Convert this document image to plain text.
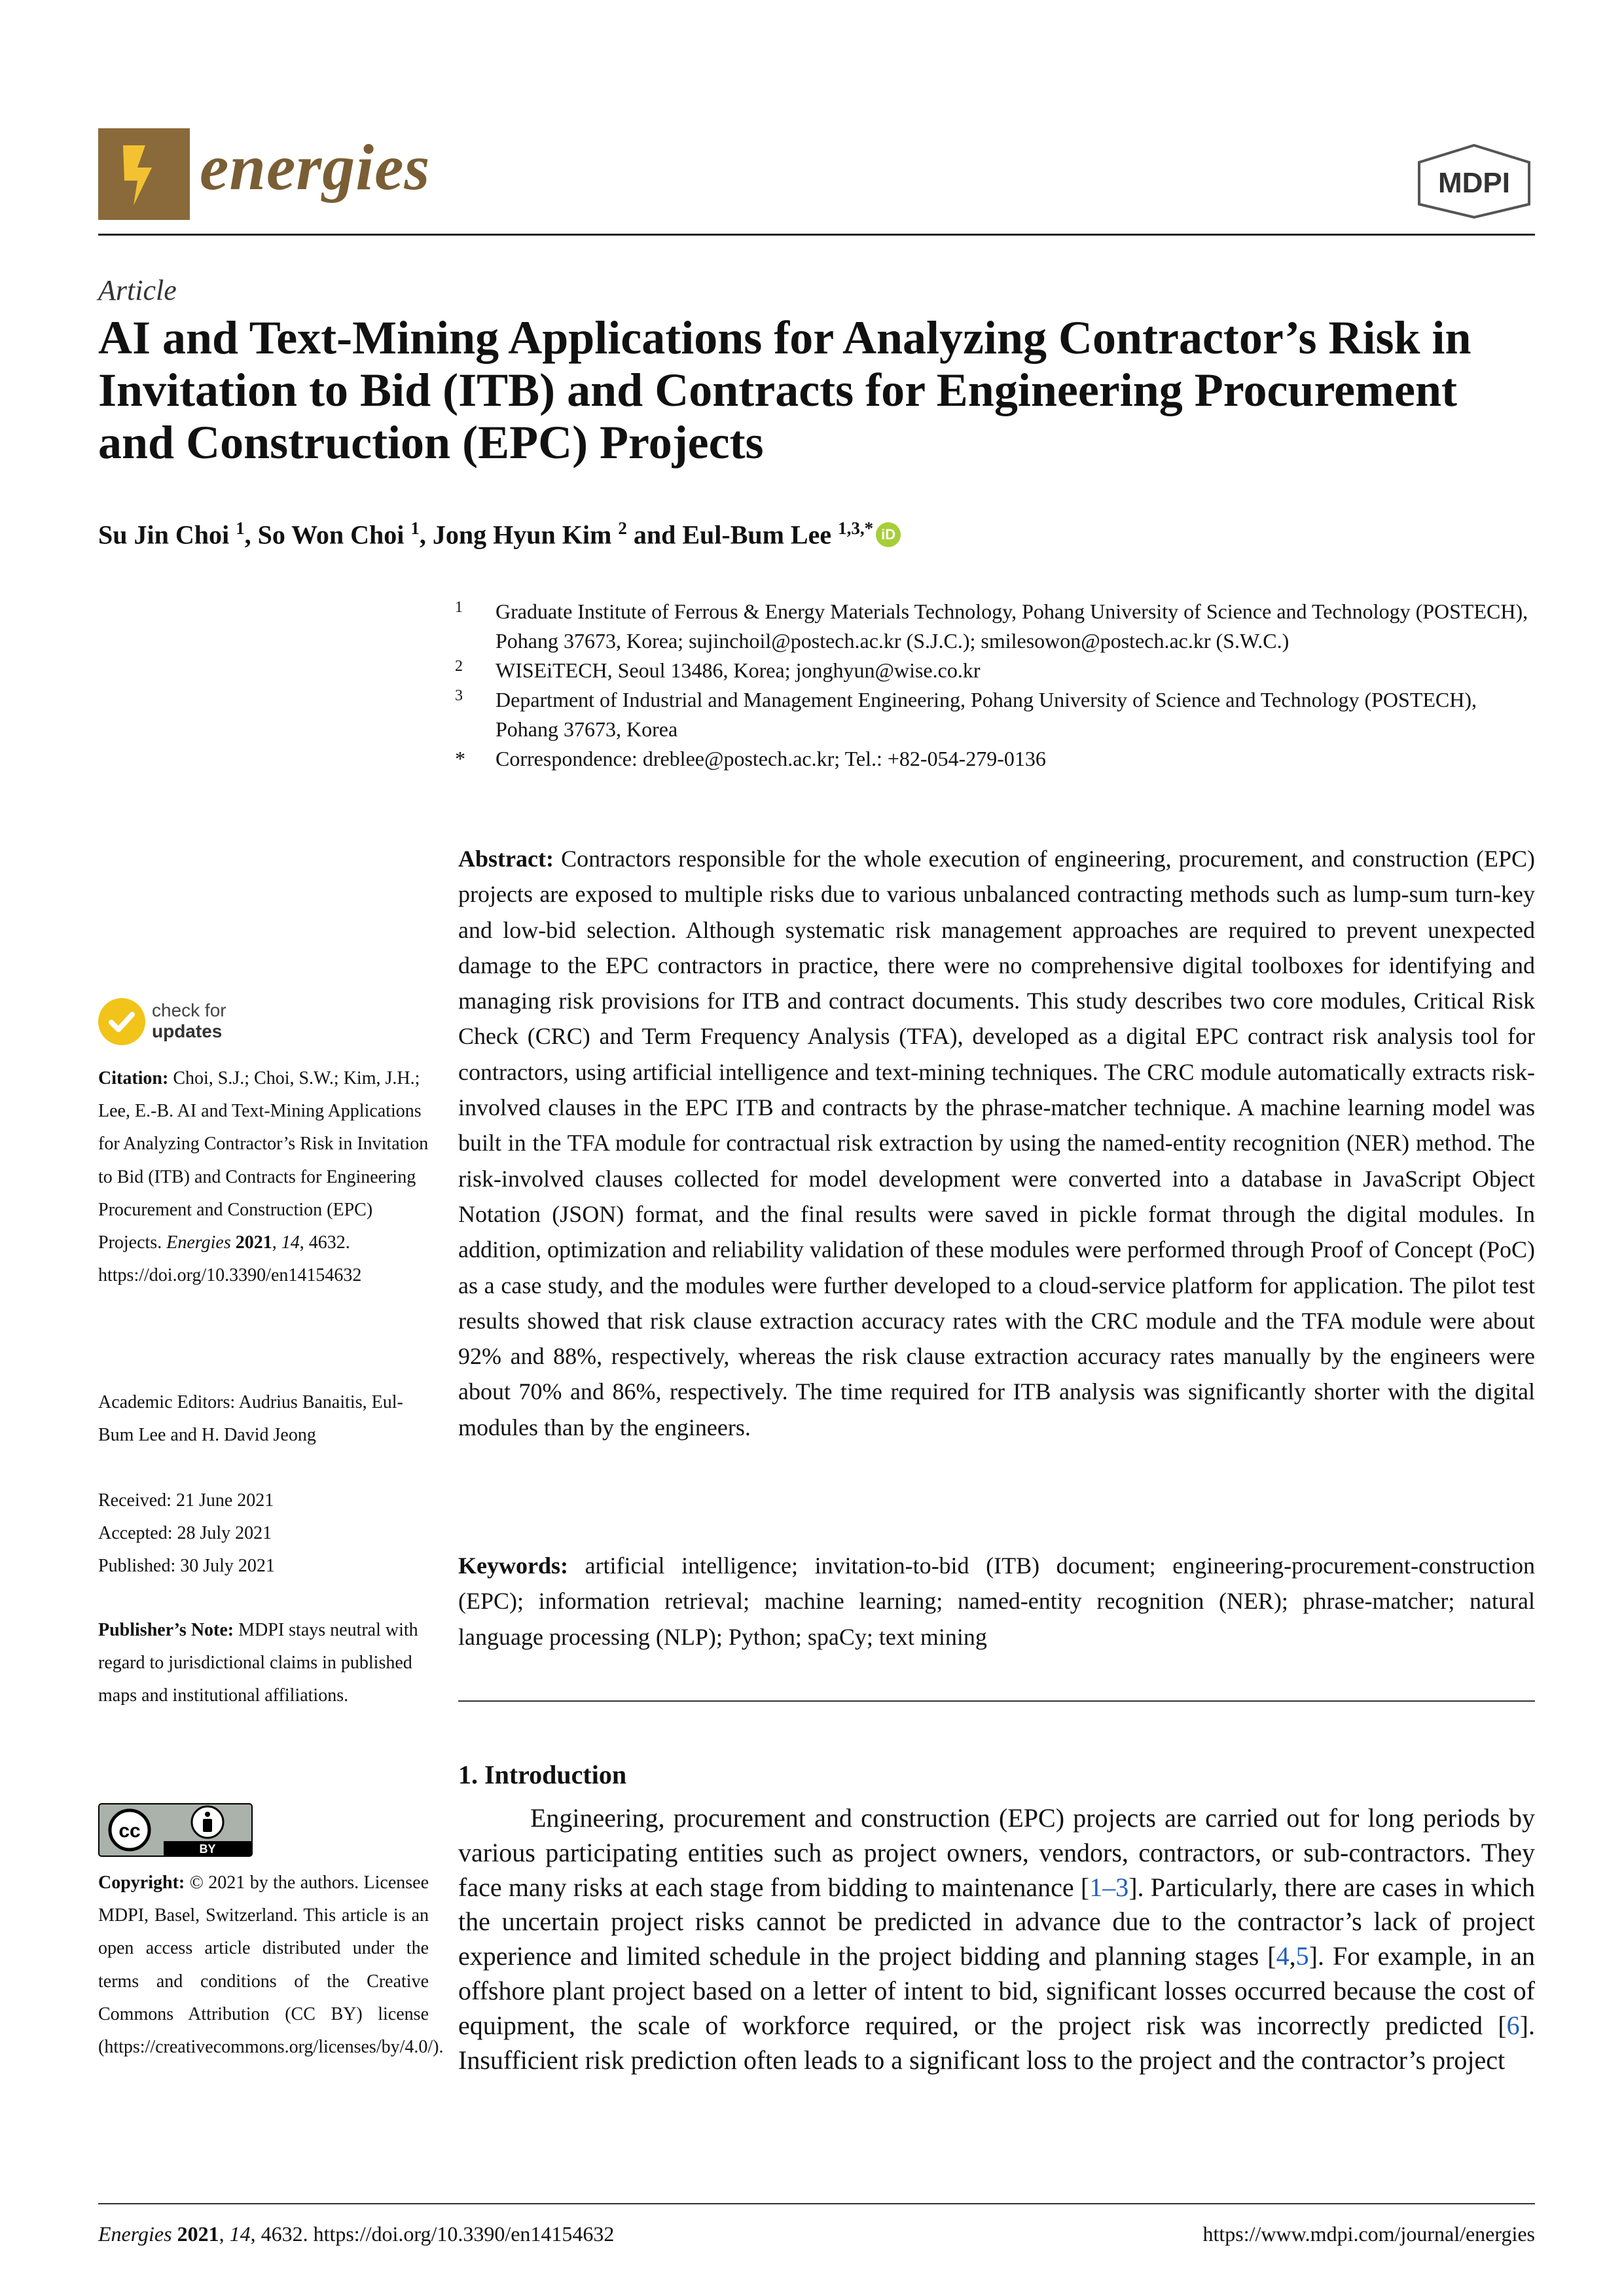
energies	MDPI
Article
AI and Text-Mining Applications for Analyzing Contractor’s Risk in Invitation to Bid (ITB) and Contracts for Engineering Procurement and Construction (EPC) Projects
Su Jin Choi $^1$, So Won Choi $^1$, Jong Hyun Kim $^2$ and Eul-Bum Lee $^{1,3,*}$ iD
1 Graduate Institute of Ferrous & Energy Materials Technology, Pohang University of Science and Technology (POSTECH), Pohang 37673, Korea; sujinchoil@postech.ac.kr (S.J.C.); smilesowon@postech.ac.kr (S.W.C.)
2 WISEiTECH, Seoul 13486, Korea; jonghyun@wise.co.kr
3 Department of Industrial and Management Engineering, Pohang University of Science and Technology (POSTECH), Pohang 37673, Korea
* Correspondence: dreblee@postech.ac.kr; Tel.: +82-054-279-0136

Abstract: Contractors responsible for the whole execution of engineering, procurement, and construction (EPC) projects are exposed to multiple risks due to various unbalanced contracting methods such as lump-sum turn-key and low-bid selection. Although systematic risk management approaches are required to prevent unexpected damage to the EPC contractors in practice, there were no comprehensive digital toolboxes for identifying and managing risk provisions for ITB and contract documents. This study describes two core modules, Critical Risk Check (CRC) and Term Frequency Analysis (TFA), developed as a digital EPC contract risk analysis tool for contractors, using artificial intelligence and text-mining techniques. The CRC module automatically extracts risk-involved clauses in the EPC ITB and contracts by the phrase-matcher technique. A machine learning model was built in the TFA module for contractual risk extraction by using the named-entity recognition (NER) method. The risk-involved clauses collected for model development were converted into a database in JavaScript Object Notation (JSON) format, and the final results were saved in pickle format through the digital modules. In addition, optimization and reliability validation of these modules were performed through Proof of Concept (PoC) as a case study, and the modules were further developed to a cloud-service platform for application. The pilot test results showed that risk clause extraction accuracy rates with the CRC module and the TFA module were about 92% and 88%, respectively, whereas the risk clause extraction accuracy rates manually by the engineers were about 70% and 86%, respectively. The time required for ITB analysis was significantly shorter with the digital modules than by the engineers.

Keywords: artificial intelligence; invitation-to-bid (ITB) document; engineering-procurement-construction (EPC); information retrieval; machine learning; named-entity recognition (NER); phrase-matcher; natural language processing (NLP); Python; spaCy; text mining

1. Introduction

Engineering, procurement and construction (EPC) projects are carried out for long periods by various participating entities such as project owners, vendors, contractors, or sub-contractors. They face many risks at each stage from bidding to maintenance [1–3]. Particularly, there are cases in which the uncertain project risks cannot be predicted in advance due to the contractor’s lack of project experience and limited schedule in the project bidding and planning stages [4,5]. For example, in an offshore plant project based on a letter of intent to bid, significant losses occurred because the cost of equipment, the scale of workforce required, or the project risk was incorrectly predicted [6]. Insufficient risk prediction often leads to a significant loss to the project and the contractor’s project

check for
updates

Citation: Choi, S.J.; Choi, S.W.; Kim, J.H.; Lee, E.-B. AI and Text-Mining Applications for Analyzing Contractor’s Risk in Invitation to Bid (ITB) and Contracts for Engineering Procurement and Construction (EPC) Projects. Energies 2021, 14, 4632. https://doi.org/10.3390/en14154632

Academic Editors: Audrius Banaitis, Eul-Bum Lee and H. David Jeong

Received: 21 June 2021
Accepted: 28 July 2021
Published: 30 July 2021

Publisher’s Note: MDPI stays neutral with regard to jurisdictional claims in published maps and institutional affiliations.

cc
BY

Copyright: © 2021 by the authors. Licensee MDPI, Basel, Switzerland. This article is an open access article distributed under the terms and conditions of the Creative Commons Attribution (CC BY) license (https://creativecommons.org/licenses/by/4.0/).

Energies 2021, 14, 4632. https://doi.org/10.3390/en14154632	https://www.mdpi.com/journal/energies
